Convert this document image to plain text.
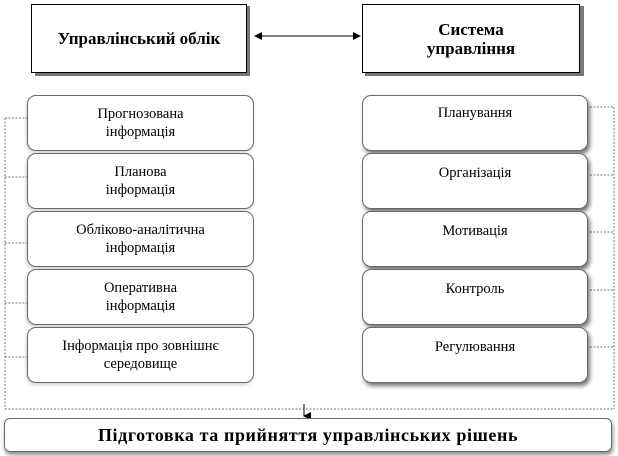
Управлінський облік	Система управління
Прогнозована інформація
Планова інформація
Обліково-аналітична інформація
Оперативна інформація
Інформація про зовнішнє середовище
Планування
Організація
Мотивація
Контроль
Регулювання
Підготовка та прийняття управлінських рішень
